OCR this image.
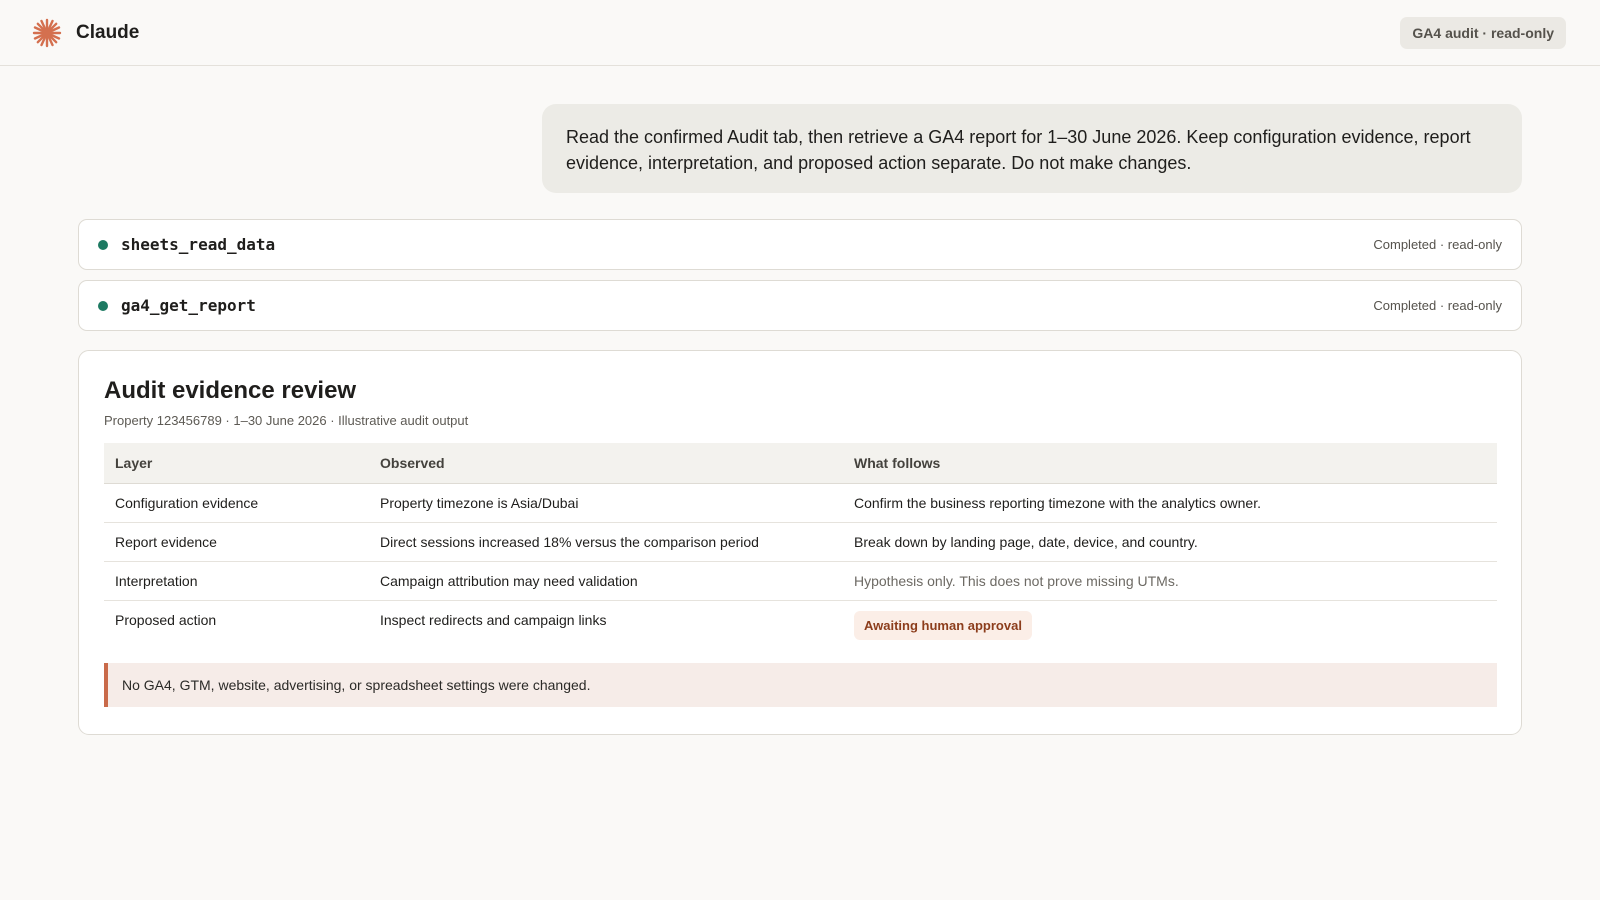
Claude	GA4 audit · read-only
Read the confirmed Audit tab, then retrieve a GA4 report for 1–30 June 2026. Keep configuration evidence, report evidence, interpretation, and proposed action separate. Do not make changes.
sheets_read_data	Completed · read-only
ga4_get_report	Completed · read-only
Audit evidence review
Property 123456789 · 1–30 June 2026 · Illustrative audit output
Layer	Observed	What follows
Configuration evidence	Property timezone is Asia/Dubai	Confirm the business reporting timezone with the analytics owner.
Report evidence	Direct sessions increased 18% versus the comparison period	Break down by landing page, date, device, and country.
Interpretation	Campaign attribution may need validation	Hypothesis only. This does not prove missing UTMs.
Proposed action	Inspect redirects and campaign links	Awaiting human approval
No GA4, GTM, website, advertising, or spreadsheet settings were changed.
